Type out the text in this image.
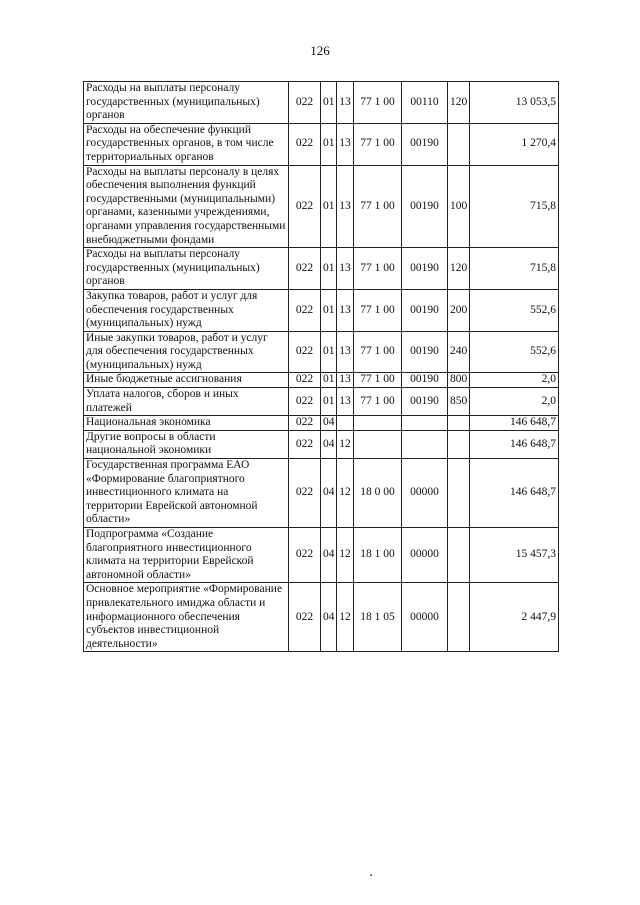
126
Расходы на выплаты персоналу государственных (муниципальных) органов	022	01	13	77 1 00	00110	120	13 053,5
Расходы на обеспечение функций государственных органов, в том числе территориальных органов	022	01	13	77 1 00	00190		1 270,4
Расходы на выплаты персоналу в целях обеспечения выполнения функций государственными (муниципальными) органами, казенными учреждениями, органами управления государственными внебюджетными фондами	022	01	13	77 1 00	00190	100	715,8
Расходы на выплаты персоналу государственных (муниципальных) органов	022	01	13	77 1 00	00190	120	715,8
Закупка товаров, работ и услуг для обеспечения государственных (муниципальных) нужд	022	01	13	77 1 00	00190	200	552,6
Иные закупки товаров, работ и услуг для обеспечения государственных (муниципальных) нужд	022	01	13	77 1 00	00190	240	552,6
Иные бюджетные ассигнования	022	01	13	77 1 00	00190	800	2,0
Уплата налогов, сборов и иных платежей	022	01	13	77 1 00	00190	850	2,0
Национальная экономика	022	04					146 648,7
Другие вопросы в области национальной экономики	022	04	12				146 648,7
Государственная программа ЕАО «Формирование благоприятного инвестиционного климата на территории Еврейской автономной области»	022	04	12	18 0 00	00000		146 648,7
Подпрограмма «Создание благоприятного инвестиционного климата на территории Еврейской автономной области»	022	04	12	18 1 00	00000		15 457,3
Основное мероприятие «Формирование привлекательного имиджа области и информационного обеспечения субъектов инвестиционной деятельности»	022	04	12	18 1 05	00000		2 447,9
